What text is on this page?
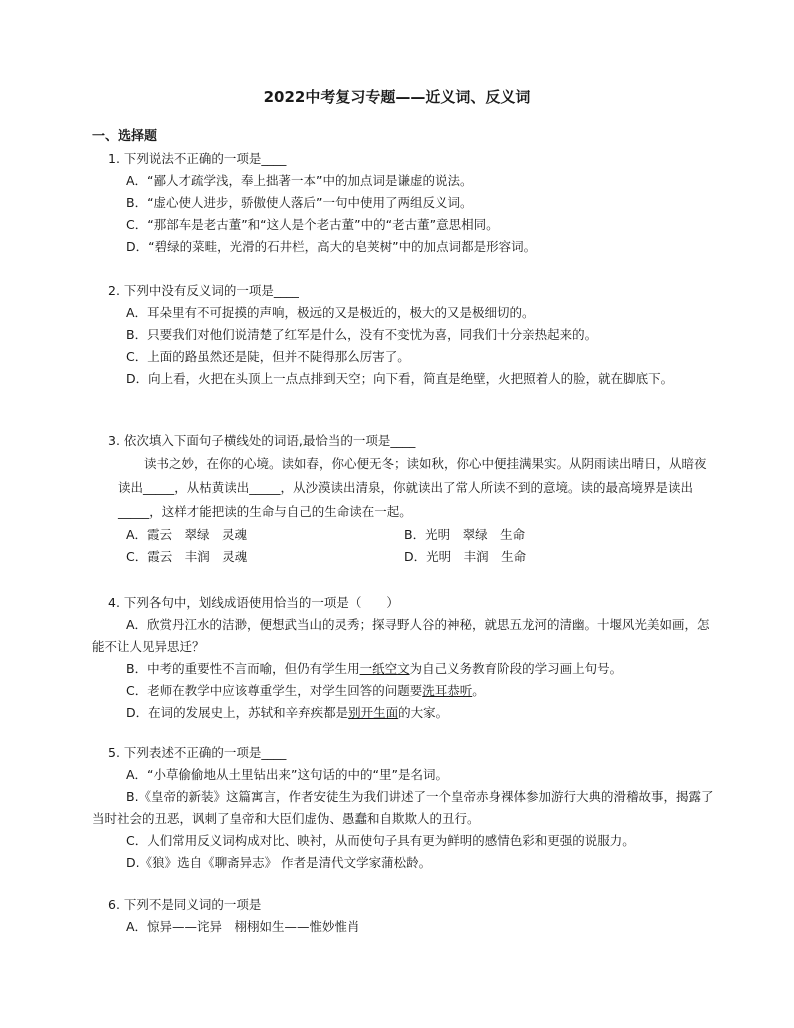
2022中考复习专题——近义词、反义词
一、选择题
1. 下列说法不正确的一项是____
A．“鄙人才疏学浅，奉上拙著一本”中的加点词是谦虚的说法。
B．“虚心使人进步，骄傲使人落后”一句中使用了两组反义词。
C．“那部车是老古董”和“这人是个老古董”中的“老古董”意思相同。
D．“碧绿的菜畦，光滑的石井栏，高大的皂荚树”中的加点词都是形容词。
2. 下列中没有反义词的一项是____
A．耳朵里有不可捉摸的声响，极远的又是极近的，极大的又是极细切的。
B．只要我们对他们说清楚了红军是什么，没有不变忧为喜，同我们十分亲热起来的。
C．上面的路虽然还是陡，但并不陡得那么厉害了。
D．向上看，火把在头顶上一点点排到天空；向下看，简直是绝壁，火把照着人的脸，就在脚底下。
3. 依次填入下面句子横线处的词语,最恰当的一项是____
读书之妙，在你的心境。读如春，你心便无冬；读如秋，你心中便挂满果实。从阴雨读出晴日，从暗夜读出_____，从枯黄读出_____，从沙漠读出清泉，你就读出了常人所读不到的意境。读的最高境界是读出_____，这样才能把读的生命与自己的生命读在一起。
A．霞云　翠绿　灵魂	B．光明　翠绿　生命
C．霞云　丰润　灵魂	D．光明　丰润　生命
4. 下列各句中，划线成语使用恰当的一项是（　　）
A．欣赏丹江水的洁渺，便想武当山的灵秀；探寻野人谷的神秘，就思五龙河的清幽。十堰风光美如画，怎能不让人见异思迁？
B．中考的重要性不言而喻，但仍有学生用一纸空文为自己义务教育阶段的学习画上句号。
C．老师在教学中应该尊重学生，对学生回答的问题要洗耳恭听。
D．在词的发展史上，苏轼和辛弃疾都是别开生面的大家。
5. 下列表述不正确的一项是____
A．“小草偷偷地从土里钻出来”这句话的中的“里”是名词。
B.《皇帝的新装》这篇寓言，作者安徒生为我们讲述了一个皇帝赤身裸体参加游行大典的滑稽故事，揭露了当时社会的丑恶，讽刺了皇帝和大臣们虚伪、愚蠢和自欺欺人的丑行。
C．人们常用反义词构成对比、映衬，从而使句子具有更为鲜明的感情色彩和更强的说服力。
D.《狼》选自《聊斋异志》 作者是清代文学家蒲松龄。
6. 下列不是同义词的一项是
A．惊异——诧异　栩栩如生——惟妙惟肖
